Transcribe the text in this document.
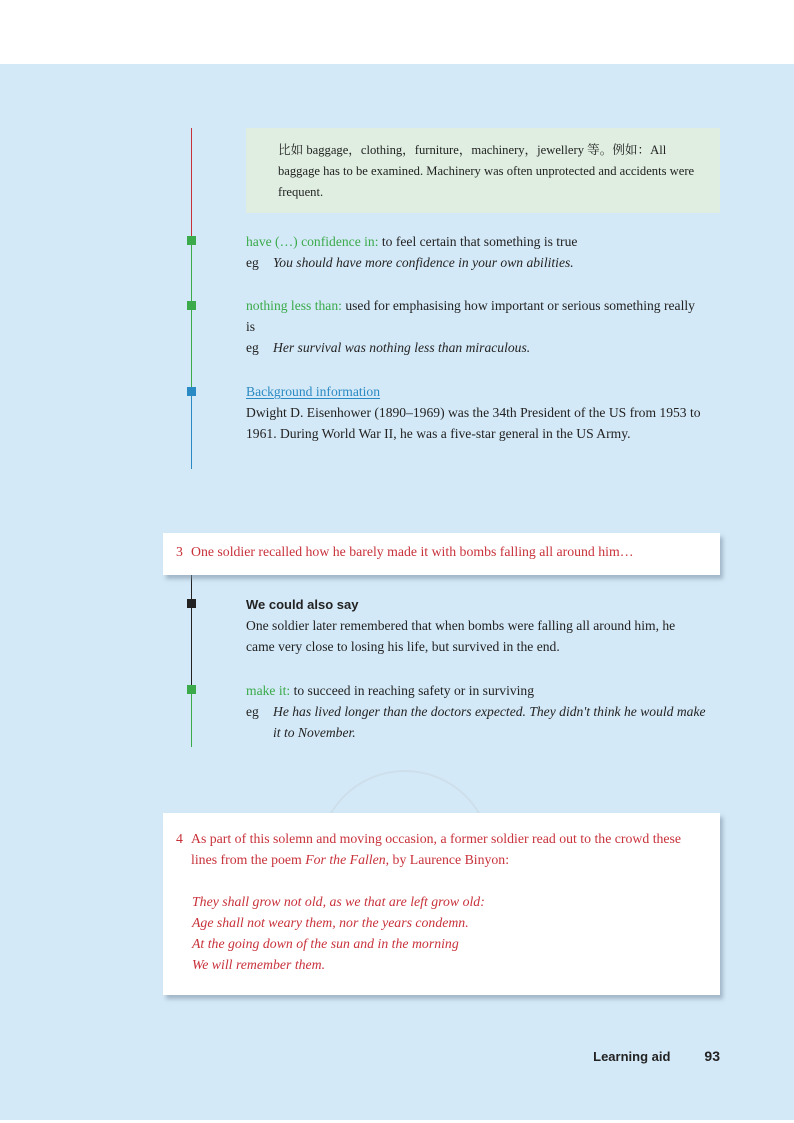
比如 baggage，clothing，furniture，machinery，jewellery 等。例如：All baggage has to be examined. Machinery was often unprotected and accidents were frequent.
have (…) confidence in: to feel certain that something is true
eg	You should have more confidence in your own abilities.
nothing less than: used for emphasising how important or serious something really is
eg	Her survival was nothing less than miraculous.
Background information
Dwight D. Eisenhower (1890–1969) was the 34th President of the US from 1953 to 1961. During World War II, he was a five-star general in the US Army.
3 One soldier recalled how he barely made it with bombs falling all around him…
We could also say
One soldier later remembered that when bombs were falling all around him, he came very close to losing his life, but survived in the end.
make it: to succeed in reaching safety or in surviving
eg	He has lived longer than the doctors expected. They didn't think he would make it to November.
4 As part of this solemn and moving occasion, a former soldier read out to the crowd these lines from the poem For the Fallen, by Laurence Binyon:
They shall grow not old, as we that are left grow old:
Age shall not weary them, nor the years condemn.
At the going down of the sun and in the morning
We will remember them.
Learning aid 93
